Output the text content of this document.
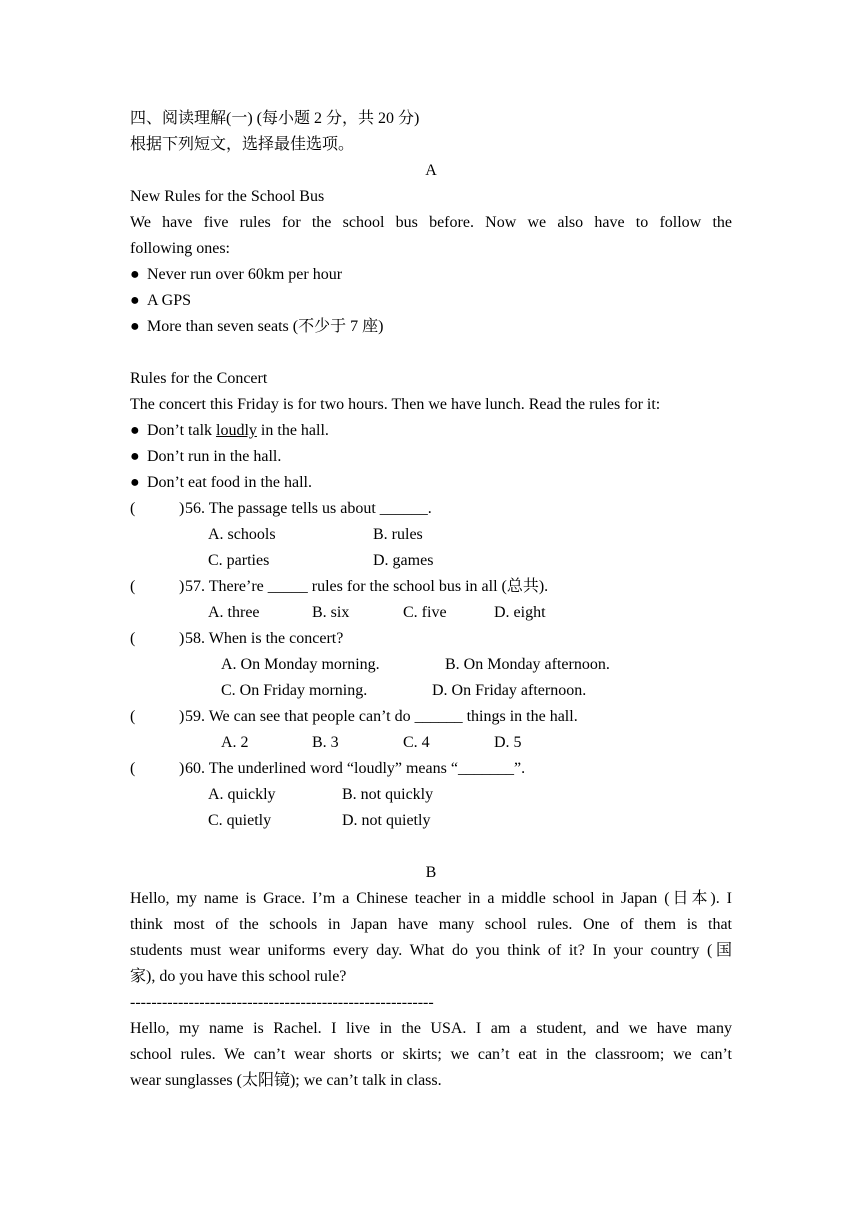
四、阅读理解(一) (每小题 2 分，共 20 分)
根据下列短文，选择最佳选项。
A
New Rules for the School Bus
We have five rules for the school bus before. Now we also have to follow the
following ones:
● Never run over 60km per hour
● A GPS
● More than seven seats (不少于 7 座)
Rules for the Concert
The concert this Friday is for two hours. Then we have lunch. Read the rules for it:
● Don’t talk loudly in the hall.
● Don’t run in the hall.
● Don’t eat food in the hall.
(	) 56. The passage tells us about ______.
A. schools	B. rules
C. parties	D. games
(	) 57. There’re _____ rules for the school bus in all (总共).
A. three	B. six	C. five	D. eight
(	) 58. When is the concert?
A. On Monday morning.	B. On Monday afternoon.
C. On Friday morning.	D. On Friday afternoon.
(	) 59. We can see that people can’t do ______ things in the hall.
A. 2	B. 3	C. 4	D. 5
(	) 60. The underlined word “loudly” means “_______”.
A. quickly	B. not quickly
C. quietly	D. not quietly
B
Hello, my name is Grace. I’m a Chinese teacher in a middle school in Japan (日本). I
think most of the schools in Japan have many school rules. One of them is that
students must wear uniforms every day. What do you think of it? In your country (国
家), do you have this school rule?
---------------------------------------------------------
Hello, my name is Rachel. I live in the USA. I am a student, and we have many
school rules. We can’t wear shorts or skirts; we can’t eat in the classroom; we can’t
wear sunglasses (太阳镜); we can’t talk in class.
